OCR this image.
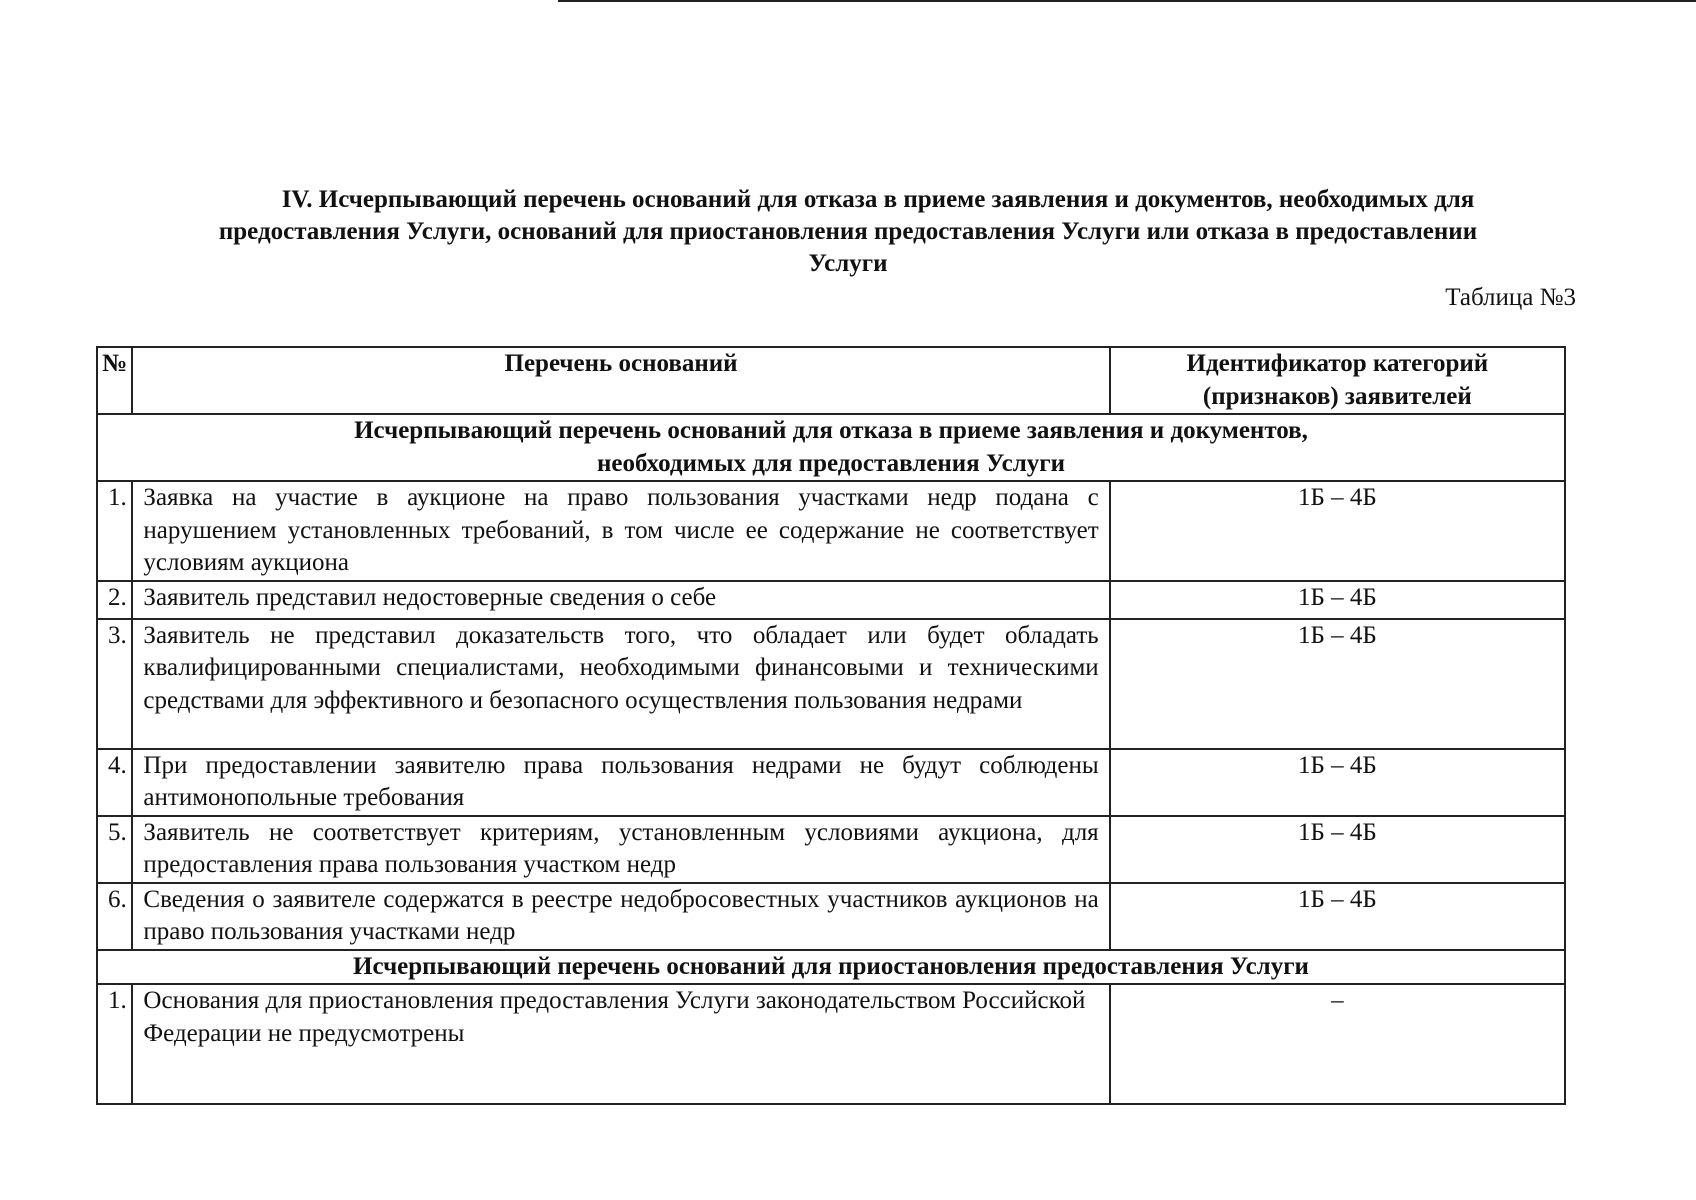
IV. Исчерпывающий перечень оснований для отказа в приеме заявления и документов, необходимых для
предоставления Услуги, оснований для приостановления предоставления Услуги или отказа в предоставлении
Услуги
Таблица №3
№	Перечень оснований	Идентификатор категорий
(признаков) заявителей

Исчерпывающий перечень оснований для отказа в приеме заявления и документов,
необходимых для предоставления Услуги		

1.	Заявка на участие в аукционе на право пользования участками недр подана с нарушением установленных требований, в том числе ее содержание не соответствует условиям аукциона	1Б – 4Б
2.	Заявитель представил недостоверные сведения о себе	1Б – 4Б
3.	Заявитель не представил доказательств того, что обладает или будет обладать квалифицированными специалистами, необходимыми финансовыми и техническими средствами для эффективного и безопасного осуществления пользования недрами	1Б – 4Б
4.	При предоставлении заявителю права пользования недрами не будут соблюдены антимонопольные требования	1Б – 4Б
5.	Заявитель не соответствует критериям, установленным условиями аукциона, для предоставления права пользования участком недр	1Б – 4Б
6.	Сведения о заявителе содержатся в реестре недобросовестных участников аукционов на право пользования участками недр	1Б – 4Б
Исчерпывающий перечень оснований для приостановления предоставления Услуги		
1.	Основания для приостановления предоставления Услуги законодательством Российской Федерации не предусмотрены	–
